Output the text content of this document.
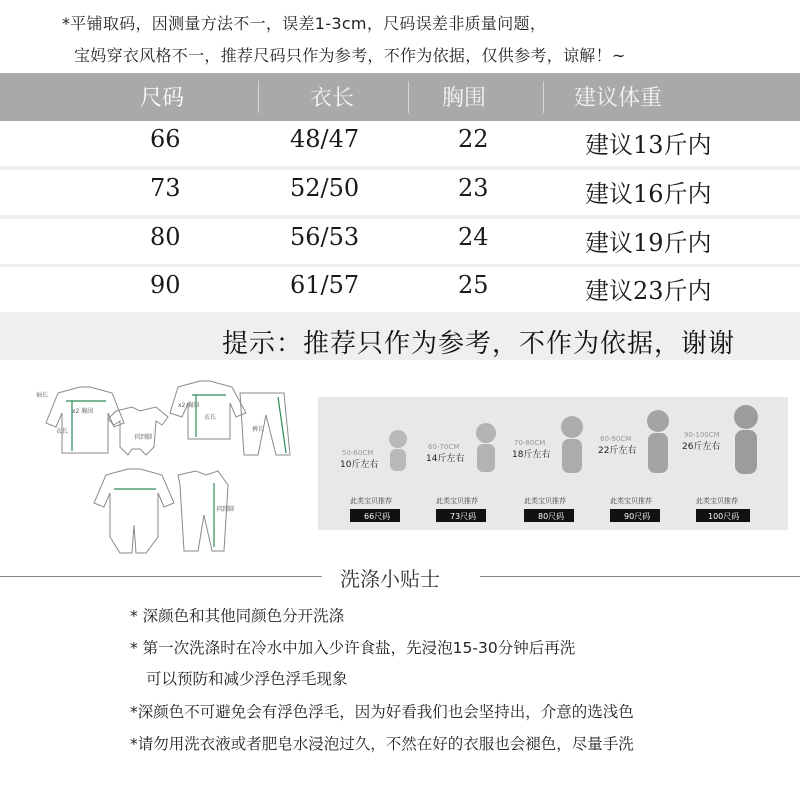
*平铺取码，因测量方法不一，误差1-3cm，尺码误差非质量问题，
宝妈穿衣风格不一，推荐尺码只作为参考，不作为依据，仅供参考，谅解！~
尺码	衣长	胸围	建议体重
66	48/47	22	建议13斤内
73	52/50	23	建议16斤内
80	56/53	24	建议19斤内
90	61/57	25	建议23斤内
提示：推荐只作为参考，不作为依据，谢谢
袖长
x2 胸围
衣长
裆到脚
x2 胸围
衣长
裤长
裆到脚
50-60CM
10斤左右
此类宝贝推荐
66尺码
60-70CM
14斤左右
此类宝贝推荐
73尺码
70-80CM
18斤左右
此类宝贝推荐
80尺码
80-90CM
22斤左右
此类宝贝推荐
90尺码
90-100CM
26斤左右
此类宝贝推荐
100尺码
洗涤小贴士
* 深颜色和其他同颜色分开洗涤
* 第一次洗涤时在冷水中加入少许食盐，先浸泡15-30分钟后再洗
可以预防和减少浮色浮毛现象
*深颜色不可避免会有浮色浮毛，因为好看我们也会坚持出，介意的选浅色
*请勿用洗衣液或者肥皂水浸泡过久，不然在好的衣服也会褪色，尽量手洗
